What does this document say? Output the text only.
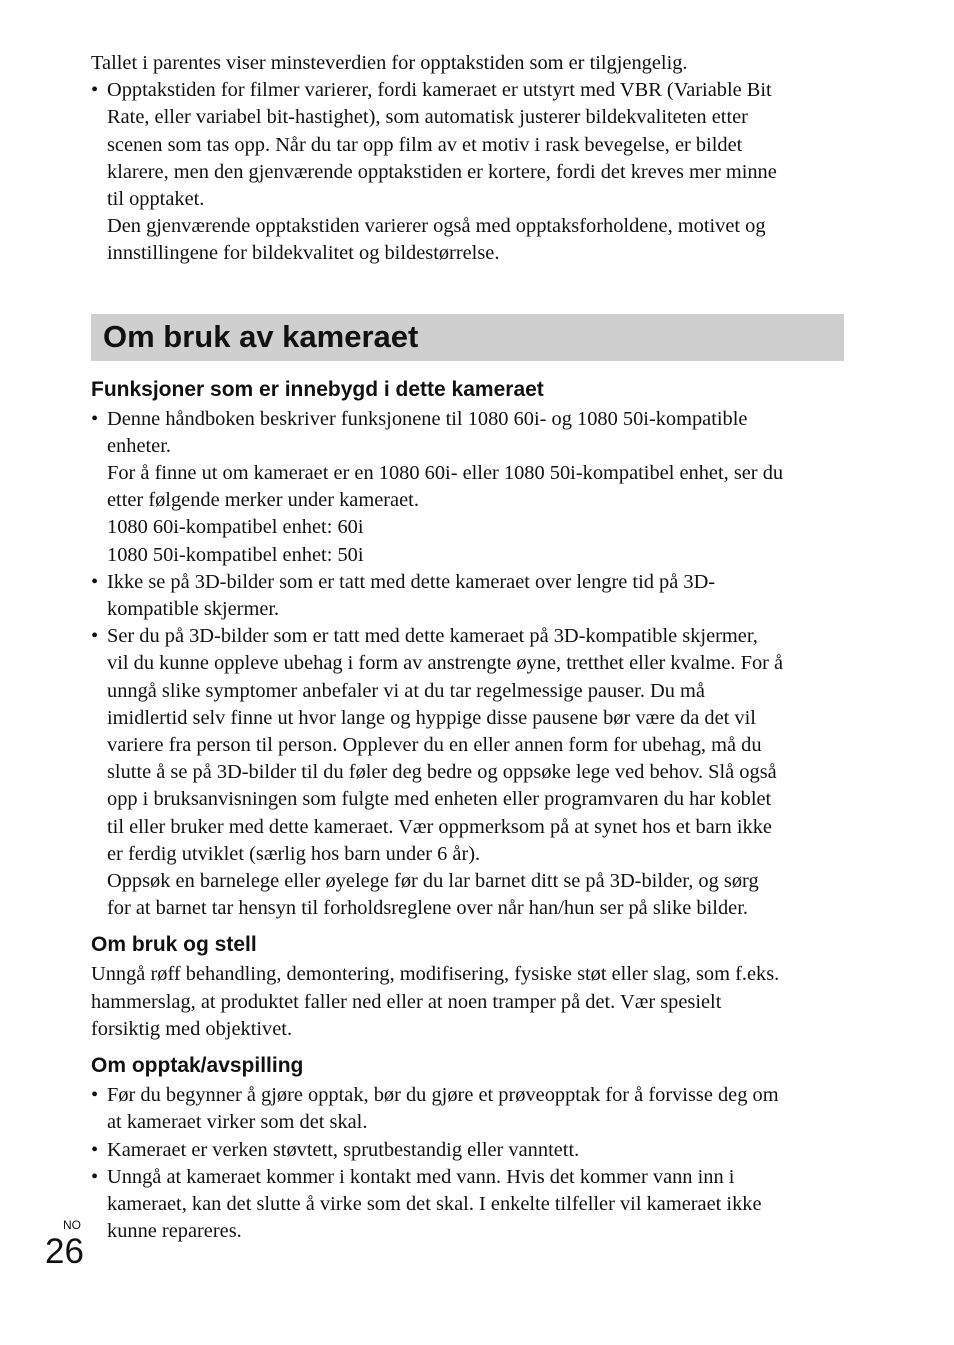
Tallet i parentes viser minsteverdien for opptakstiden som er tilgjengelig.

• Opptakstiden for filmer varierer, fordi kameraet er utstyrt med VBR (Variable Bit
Rate, eller variabel bit-hastighet), som automatisk justerer bildekvaliteten etter
scenen som tas opp. Når du tar opp film av et motiv i rask bevegelse, er bildet
klarere, men den gjenværende opptakstiden er kortere, fordi det kreves mer minne
til opptaket.
Den gjenværende opptakstiden varierer også med opptaksforholdene, motivet og
innstillingene for bildekvalitet og bildestørrelse.
Om bruk av kameraet
Funksjoner som er innebygd i dette kameraet
• Denne håndboken beskriver funksjonene til 1080 60i- og 1080 50i-kompatible
enheter.
For å finne ut om kameraet er en 1080 60i- eller 1080 50i-kompatibel enhet, ser du
etter følgende merker under kameraet.
1080 60i-kompatibel enhet: 60i
1080 50i-kompatibel enhet: 50i
• Ikke se på 3D-bilder som er tatt med dette kameraet over lengre tid på 3D-
kompatible skjermer.
• Ser du på 3D-bilder som er tatt med dette kameraet på 3D-kompatible skjermer,
vil du kunne oppleve ubehag i form av anstrengte øyne, tretthet eller kvalme. For å
unngå slike symptomer anbefaler vi at du tar regelmessige pauser. Du må
imidlertid selv finne ut hvor lange og hyppige disse pausene bør være da det vil
variere fra person til person. Opplever du en eller annen form for ubehag, må du
slutte å se på 3D-bilder til du føler deg bedre og oppsøke lege ved behov. Slå også
opp i bruksanvisningen som fulgte med enheten eller programvaren du har koblet
til eller bruker med dette kameraet. Vær oppmerksom på at synet hos et barn ikke
er ferdig utviklet (særlig hos barn under 6 år).
Oppsøk en barnelege eller øyelege før du lar barnet ditt se på 3D-bilder, og sørg
for at barnet tar hensyn til forholdsreglene over når han/hun ser på slike bilder.
Om bruk og stell
Unngå røff behandling, demontering, modifisering, fysiske støt eller slag, som f.eks.
hammerslag, at produktet faller ned eller at noen tramper på det. Vær spesielt
forsiktig med objektivet.
Om opptak/avspilling
• Før du begynner å gjøre opptak, bør du gjøre et prøveopptak for å forvisse deg om
at kameraet virker som det skal.
• Kameraet er verken støvtett, sprutbestandig eller vanntett.
• Unngå at kameraet kommer i kontakt med vann. Hvis det kommer vann inn i
kameraet, kan det slutte å virke som det skal. I enkelte tilfeller vil kameraet ikke
kunne repareres.
NO
26
